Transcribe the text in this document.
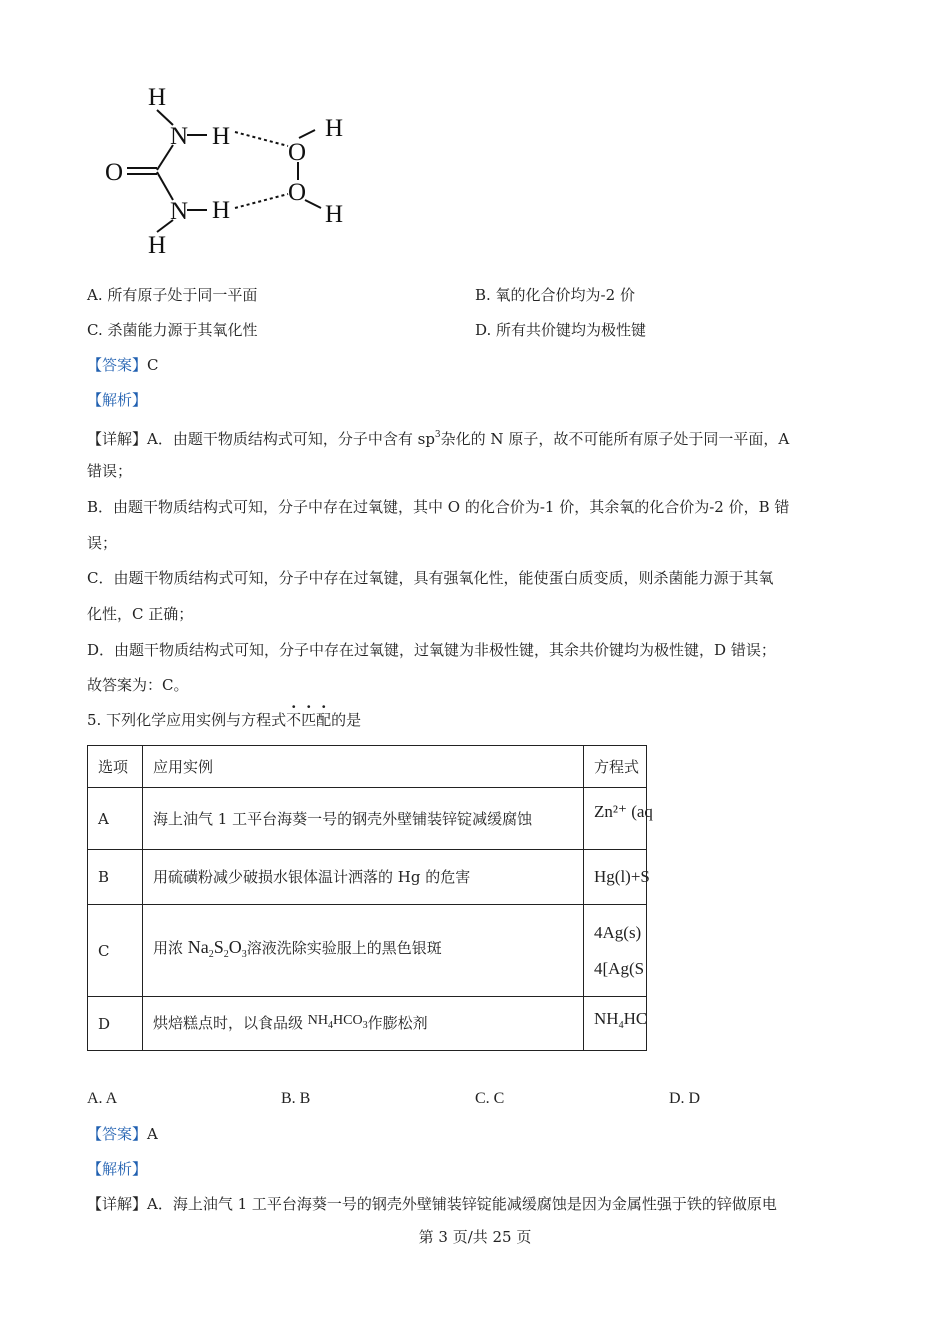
H
N H
O
N H
H
O
H
O
H
A. 所有原子处于同一平面	B. 氧的化合价均为-2 价
C. 杀菌能力源于其氧化性	D. 所有共价键均为极性键
【答案】C
【解析】
【详解】A．由题干物质结构式可知，分子中含有 $sp^3$杂化的 N 原子，故不可能所有原子处于同一平面，A
错误；
B．由题干物质结构式可知，分子中存在过氧键，其中 O 的化合价为-1 价，其余氧的化合价为-2 价，B 错
误；
C．由题干物质结构式可知，分子中存在过氧键，具有强氧化性，能使蛋白质变质，则杀菌能力源于其氧
化性，C 正确；
D．由题干物质结构式可知，分子中存在过氧键，过氧键为非极性键，其余共价键均为极性键，D 错误；
故答案为：C。
5. 下列化学应用实例与方程式不匹配的是
选项	应用实例	方程式
A	海上油气 1 工平台海葵一号的钢壳外壁铺装锌锭减缓腐蚀	Zn²⁺ (aq
B	用硫磺粉减少破损水银体温计洒落的 Hg 的危害	Hg(l)+S
C	用浓 $Na_2S_2O_3$溶液洗除实验服上的黑色银斑	4Ag(s)
4[Ag(S

D	烘焙糕点时，以食品级 $NH_4HCO_3$作膨松剂	$NH_4HC$
A. A	B. B	C. C	D. D
【答案】A
【解析】
【详解】A．海上油气 1 工平台海葵一号的钢壳外壁铺装锌锭能减缓腐蚀是因为金属性强于铁的锌做原电
第 3 页/共 25 页
